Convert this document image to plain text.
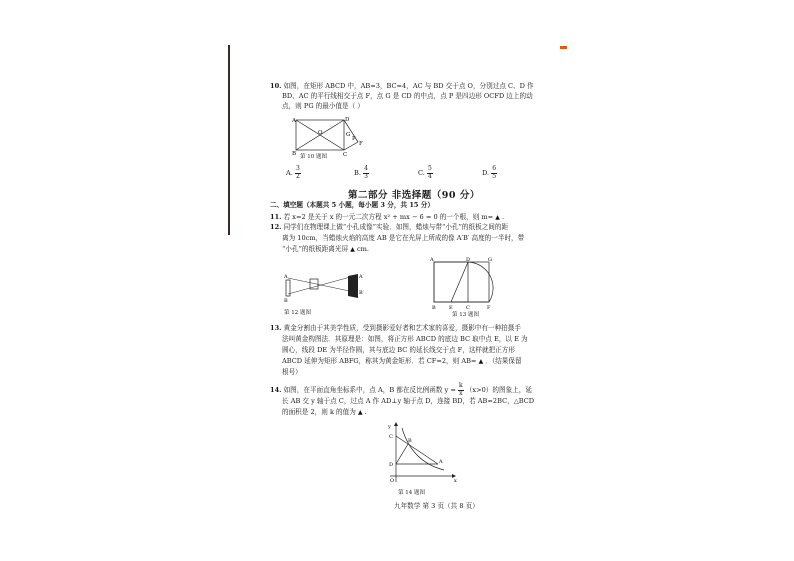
10. 如图，在矩形 ABCD 中，AB=3，BC=4，AC 与 BD 交于点 O，分别过点 C、D 作
BD、AC 的平行线相交于点 F，点 G 是 CD 的中点，点 P 是四边形 OCFD 边上的动
点，则 PG 的最小值是（ ）
A	D
O	G
P
F
B	C
第 10 题图
A. $\frac{3}{2}$	B. $\frac{4}{3}$	C. $\frac{5}{4}$	D. $\frac{6}{5}$
第二部分 非选择题（90 分）
二、填空题（本题共 5 小题，每小题 3 分，共 15 分）
11. 若 x=2 是关于 x 的一元二次方程 x² + mx − 6 = 0 的一个根，则 m= ▲ .
12. 同学们在物理课上做“小孔成像”实验．如图，蜡烛与带“小孔”的纸板之间的距
离为 10cm，当蜡烛火焰的高度 AB 是它在光屏上所成的像 A′B′ 高度的一半时，带
“小孔”的纸板距离光屏 ▲ cm.
A
B
A′
B′
第 12 题图
A	D	G
B	E	C	F
第 13 题图
13. 黄金分割由于其美学性质，受到摄影爱好者和艺术家的喜爱，摄影中有一种拍摄手
法叫黄金构图法．其原理是：如图，将正方形 ABCD 的底边 BC 取中点 E，以 E 为
圆心，线段 DE 为半径作圆，其与底边 BC 的延长线交于点 F，这样就把正方形
ABCD 延伸为矩形 ABFG，称其为黄金矩形．若 CF=2，则 AB= ▲ ．（结果保留
根号）
14. 如图，在平面直角坐标系中，点 A，B 都在反比例函数 $y = \frac{k}{x} (x>0)$的图象上，延
长 AB 交 y 轴于点 C，过点 A 作 AD⊥y 轴于点 D，连接 BD，若 AB=2BC，△BCD
的面积是 2，则 k 的值为 ▲ .
y
C
B
D	A
O	x
第 14 题图
九年数学 第 3 页（共 8 页）
